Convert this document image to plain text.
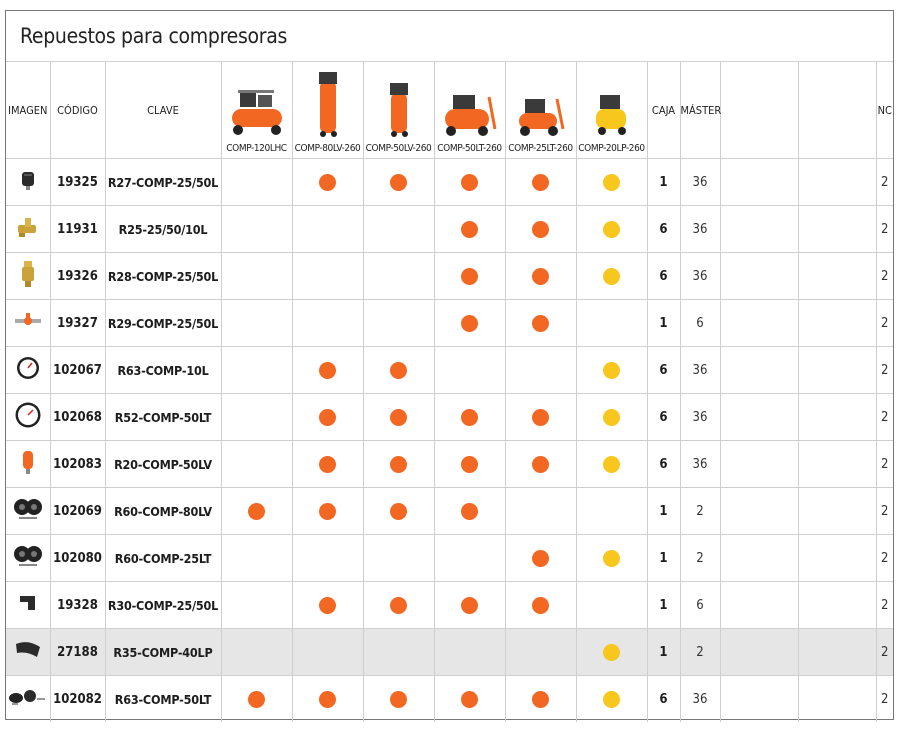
Repuestos para compresoras
IMAGEN	CÓDIGO	CLAVE	COMP-120LHC	COMP-80LV-260	COMP-50LV-260	COMP-50LT-260	COMP-25LT-260	COMP-20LP-260	CAJA	MÁSTER			NC

	19325	R27-COMP-25/50L							1	36			2

	11931	R25-25/50/10L							6	36			2

	19326	R28-COMP-25/50L							6	36			2

	19327	R29-COMP-25/50L							1	6			2

	102067	R63-COMP-10L							6	36			2

	102068	R52-COMP-50LT							6	36			2

	102083	R20-COMP-50LV							6	36			2

	102069	R60-COMP-80LV							1	2			2

	102080	R60-COMP-25LT							1	2			2

	19328	R30-COMP-25/50L							1	6			2

	27188	R35-COMP-40LP							1	2			2

	102082	R63-COMP-50LT							6	36			2
